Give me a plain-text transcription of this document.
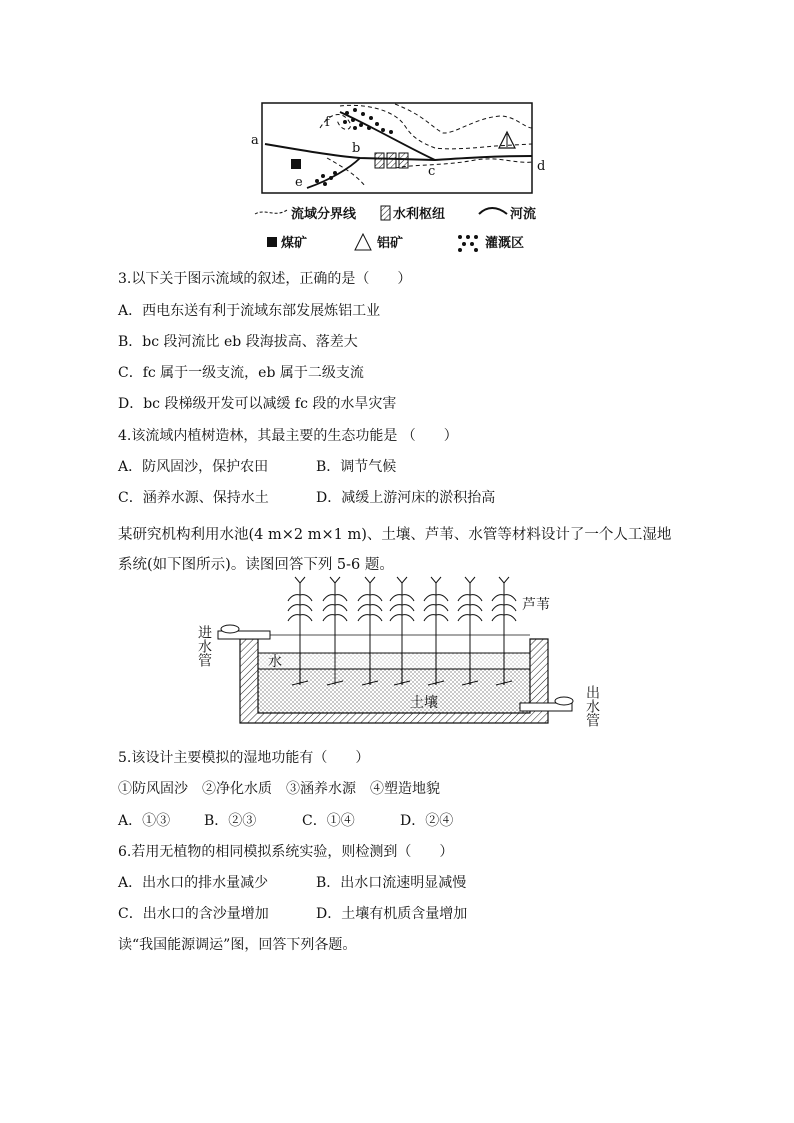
a
b
c	d
e
f
流域分界线	水利枢纽	河流
煤矿	铝矿	灌溉区
3.以下关于图示流域的叙述，正确的是（　　）
A．西电东送有利于流域东部发展炼铝工业
B．bc 段河流比 eb 段海拔高、落差大
C．fc 属于一级支流，eb 属于二级支流
D．bc 段梯级开发可以减缓 fc 段的水旱灾害
4.该流域内植树造林，其最主要的生态功能是 （　　）
A．防风固沙，保护农田	B．调节气候
C．涵养水源、保持水土	D．减缓上游河床的淤积抬高
某研究机构利用水池(4 m×2 m×1 m)、土壤、芦苇、水管等材料设计了一个人工湿地系统(如下图所示)。读图回答下列 5-6 题。
芦苇
水
土壤
进水管
出水管
5.该设计主要模拟的湿地功能有（　　）
①防风固沙　②净化水质　③涵养水源　④塑造地貌
A．①③ B．②③	C．①④	D．②④
6.若用无植物的相同模拟系统实验，则检测到（　　）
A．出水口的排水量减少	B．出水口流速明显减慢
C．出水口的含沙量增加	D．土壤有机质含量增加
读“我国能源调运”图，回答下列各题。
